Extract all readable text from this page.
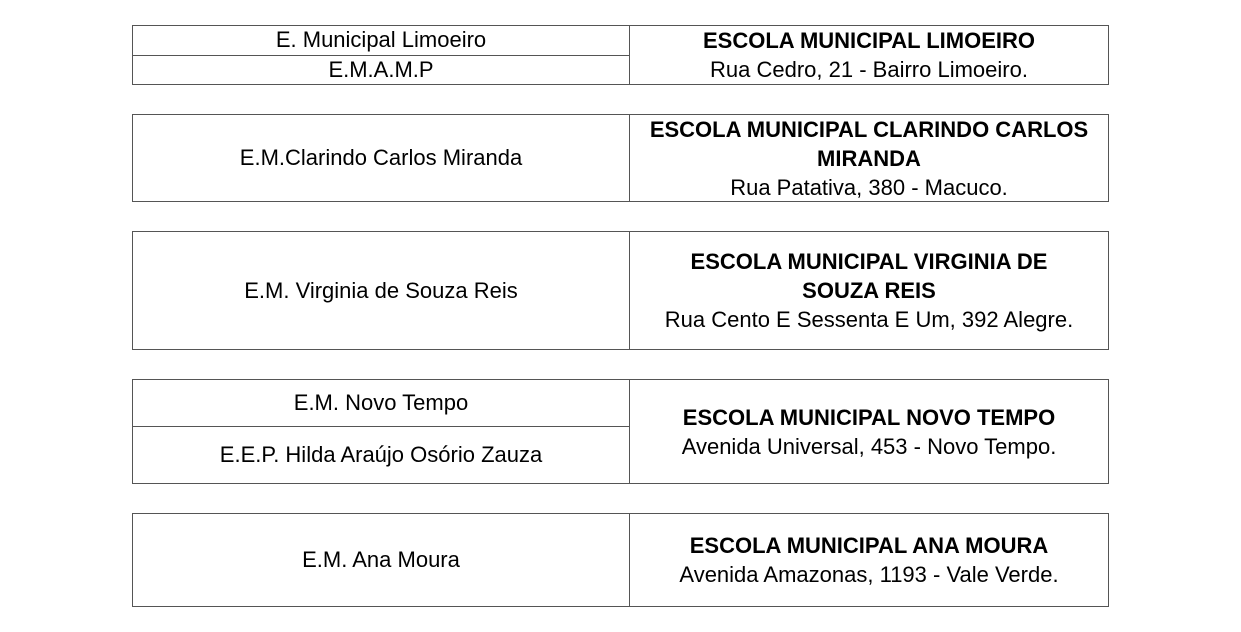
E. Municipal Limoeiro
E.M.A.M.P
ESCOLA MUNICIPAL LIMOEIRO
Rua Cedro, 21 - Bairro Limoeiro.
E.M.Clarindo Carlos Miranda
ESCOLA MUNICIPAL CLARINDO CARLOS MIRANDA
Rua Patativa, 380 - Macuco.
E.M. Virginia de Souza Reis
ESCOLA MUNICIPAL VIRGINIA DE SOUZA REIS
Rua Cento E Sessenta E Um, 392 Alegre.
E.M. Novo Tempo
E.E.P. Hilda Araújo Osório Zauza
ESCOLA MUNICIPAL NOVO TEMPO
Avenida Universal, 453 - Novo Tempo.
E.M. Ana Moura
ESCOLA MUNICIPAL ANA MOURA
Avenida Amazonas, 1193 - Vale Verde.
